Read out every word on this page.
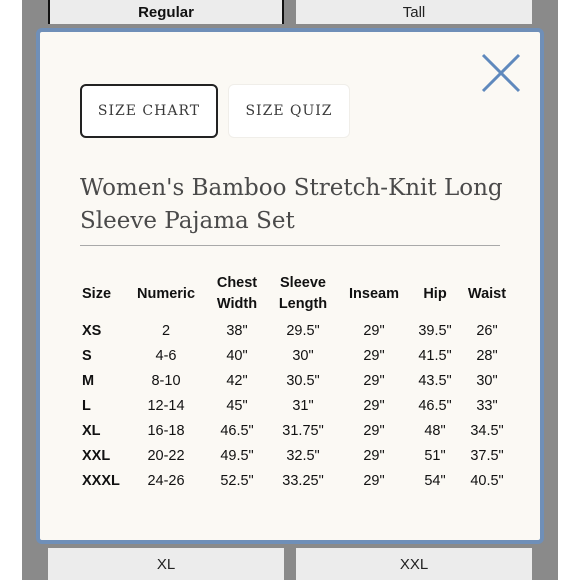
Regular	Tall
XL	XXL
SIZE CHART	SIZE QUIZ
Women's Bamboo Stretch-Knit Long Sleeve Pajama Set
Size	Numeric	Chest Width	Sleeve Length	Inseam	Hip	Waist
XS	2	38"	29.5"	29"	39.5"	26"
S	4-6	40"	30"	29"	41.5"	28"
M	8-10	42"	30.5"	29"	43.5"	30"
L	12-14	45"	31"	29"	46.5"	33"
XL	16-18	46.5"	31.75"	29"	48"	34.5"
XXL	20-22	49.5"	32.5"	29"	51"	37.5"
XXXL	24-26	52.5"	33.25"	29"	54"	40.5"
